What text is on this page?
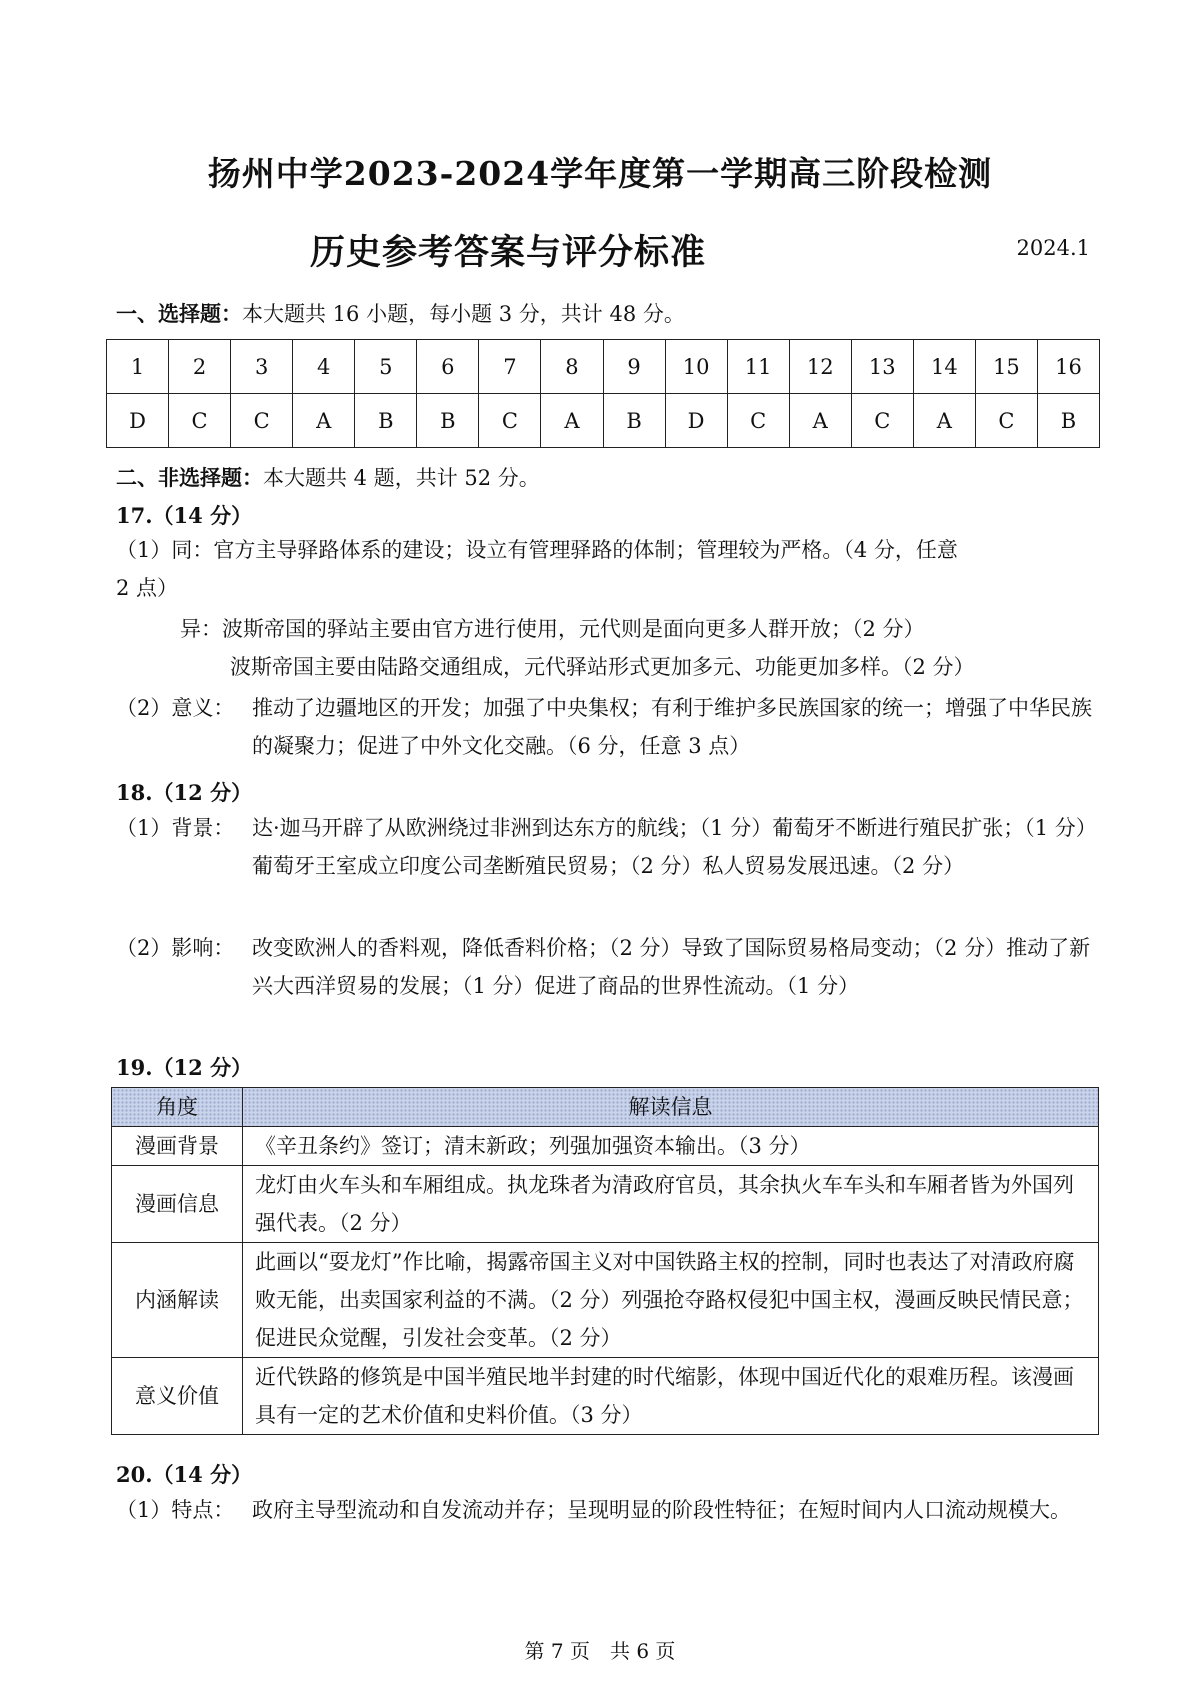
扬州中学2023-2024学年度第一学期高三阶段检测
历史参考答案与评分标准	2024.1
一、选择题：本大题共 16 小题，每小题 3 分，共计 48 分。
1	2	3	4	5	6	7	8	9	10	11	12	13	14	15	16
D	C	C	A	B	B	C	A	B	D	C	A	C	A	C	B
二、非选择题：本大题共 4 题，共计 52 分。
17.（14 分）
（1）同：官方主导驿路体系的建设；设立有管理驿路的体制；管理较为严格。（4 分，任意
2 点）
异：波斯帝国的驿站主要由官方进行使用，元代则是面向更多人群开放；（2 分）
波斯帝国主要由陆路交通组成，元代驿站形式更加多元、功能更加多样。（2 分）
（2）意义： 推动了边疆地区的开发；加强了中央集权；有利于维护多民族国家的统一；增强了中华民族的凝聚力；促进了中外文化交融。（6 分，任意 3 点）
18.（12 分）
（1）背景： 达·迦马开辟了从欧洲绕过非洲到达东方的航线；（1 分）葡萄牙不断进行殖民扩张；（1 分）葡萄牙王室成立印度公司垄断殖民贸易；（2 分）私人贸易发展迅速。（2 分）
（2）影响： 改变欧洲人的香料观，降低香料价格；（2 分）导致了国际贸易格局变动；（2 分）推动了新兴大西洋贸易的发展；（1 分）促进了商品的世界性流动。（1 分）
19.（12 分）
角度	解读信息
漫画背景	《辛丑条约》签订；清末新政；列强加强资本输出。（3 分）
漫画信息	龙灯由火车头和车厢组成。执龙珠者为清政府官员，其余执火车车头和车厢者皆为外国列强代表。（2 分）
内涵解读	此画以“耍龙灯”作比喻，揭露帝国主义对中国铁路主权的控制，同时也表达了对清政府腐败无能，出卖国家利益的不满。（2 分）列强抢夺路权侵犯中国主权，漫画反映民情民意；促进民众觉醒，引发社会变革。（2 分）
意义价值	近代铁路的修筑是中国半殖民地半封建的时代缩影，体现中国近代化的艰难历程。该漫画具有一定的艺术价值和史料价值。（3 分）
20.（14 分）
（1）特点： 政府主导型流动和自发流动并存；呈现明显的阶段性特征；在短时间内人口流动规模大。
第 7 页　共 6 页
